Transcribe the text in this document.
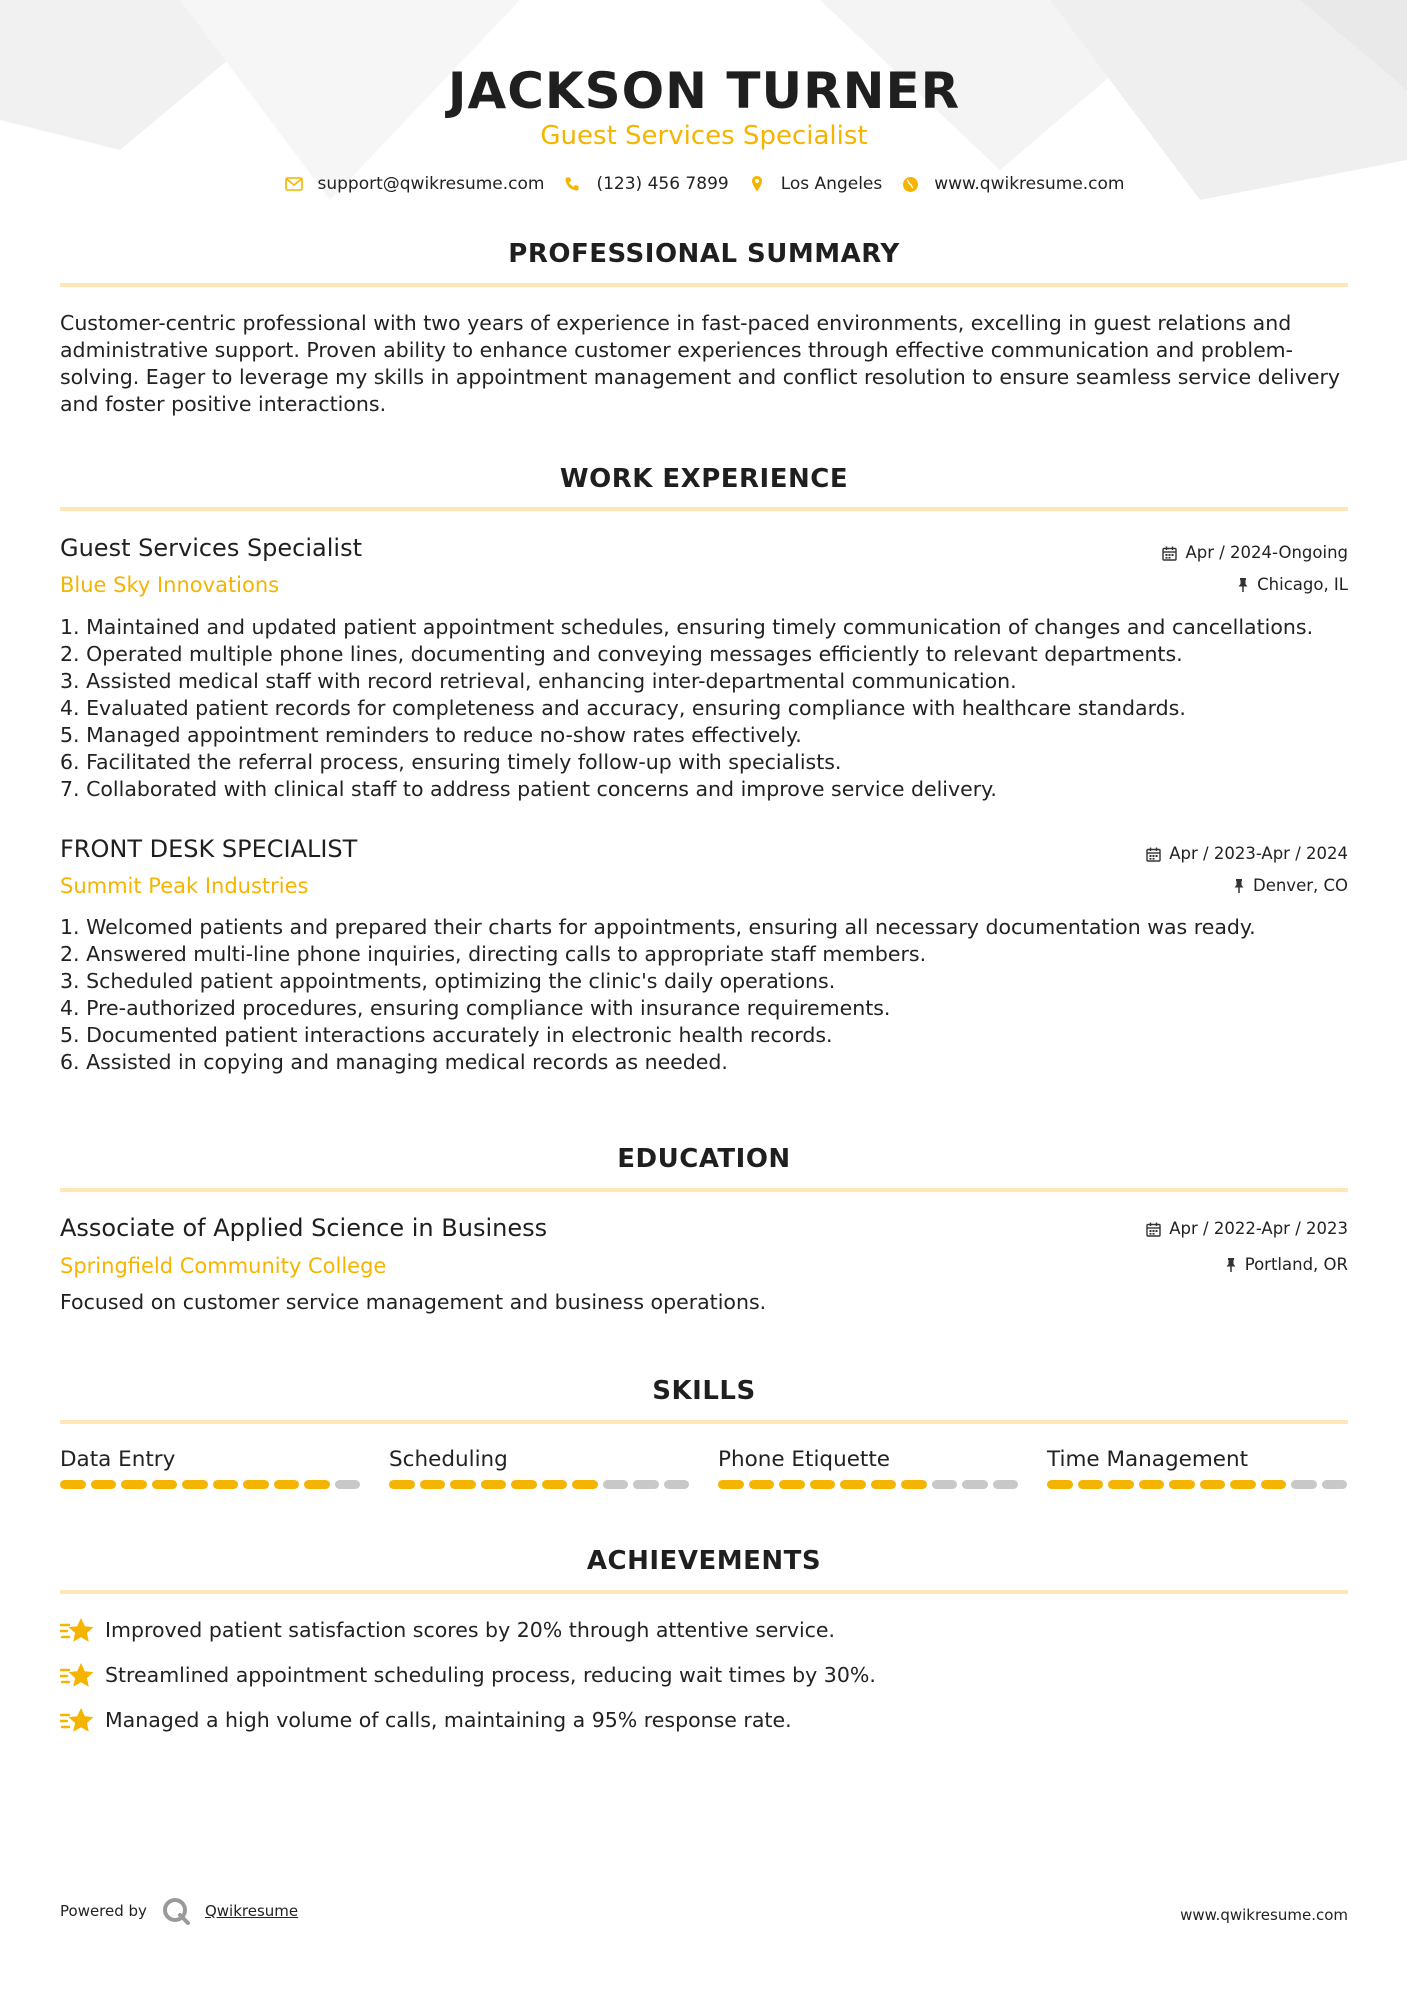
JACKSON TURNER
Guest Services Specialist
support@qwikresume.com	(123) 456 7899	Los Angeles	www.qwikresume.com
PROFESSIONAL SUMMARY

Customer-centric professional with two years of experience in fast-paced environments, excelling in guest relations and administrative support. Proven ability to enhance customer experiences through effective communication and problem-solving. Eager to leverage my skills in appointment management and conflict resolution to ensure seamless service delivery and foster positive interactions.

WORK EXPERIENCE
Guest Services Specialist
Blue Sky Innovations
Apr / 2024-Ongoing
Chicago, IL
1. Maintained and updated patient appointment schedules, ensuring timely communication of changes and cancellations.
2. Operated multiple phone lines, documenting and conveying messages efficiently to relevant departments.
3. Assisted medical staff with record retrieval, enhancing inter-departmental communication.
4. Evaluated patient records for completeness and accuracy, ensuring compliance with healthcare standards.
5. Managed appointment reminders to reduce no-show rates effectively.
6. Facilitated the referral process, ensuring timely follow-up with specialists.
7. Collaborated with clinical staff to address patient concerns and improve service delivery.
FRONT DESK SPECIALIST
Summit Peak Industries
Apr / 2023-Apr / 2024
Denver, CO
1. Welcomed patients and prepared their charts for appointments, ensuring all necessary documentation was ready.
2. Answered multi-line phone inquiries, directing calls to appropriate staff members.
3. Scheduled patient appointments, optimizing the clinic's daily operations.
4. Pre-authorized procedures, ensuring compliance with insurance requirements.
5. Documented patient interactions accurately in electronic health records.
6. Assisted in copying and managing medical records as needed.
EDUCATION
Associate of Applied Science in Business
Springfield Community College
Apr / 2022-Apr / 2023
Portland, OR
Focused on customer service management and business operations.
SKILLS
Data Entry	Scheduling	Phone Etiquette	Time Management
ACHIEVEMENTS
Improved patient satisfaction scores by 20% through attentive service.
Streamlined appointment scheduling process, reducing wait times by 30%.
Managed a high volume of calls, maintaining a 95% response rate.
Powered by	Qwikresume	www.qwikresume.com
